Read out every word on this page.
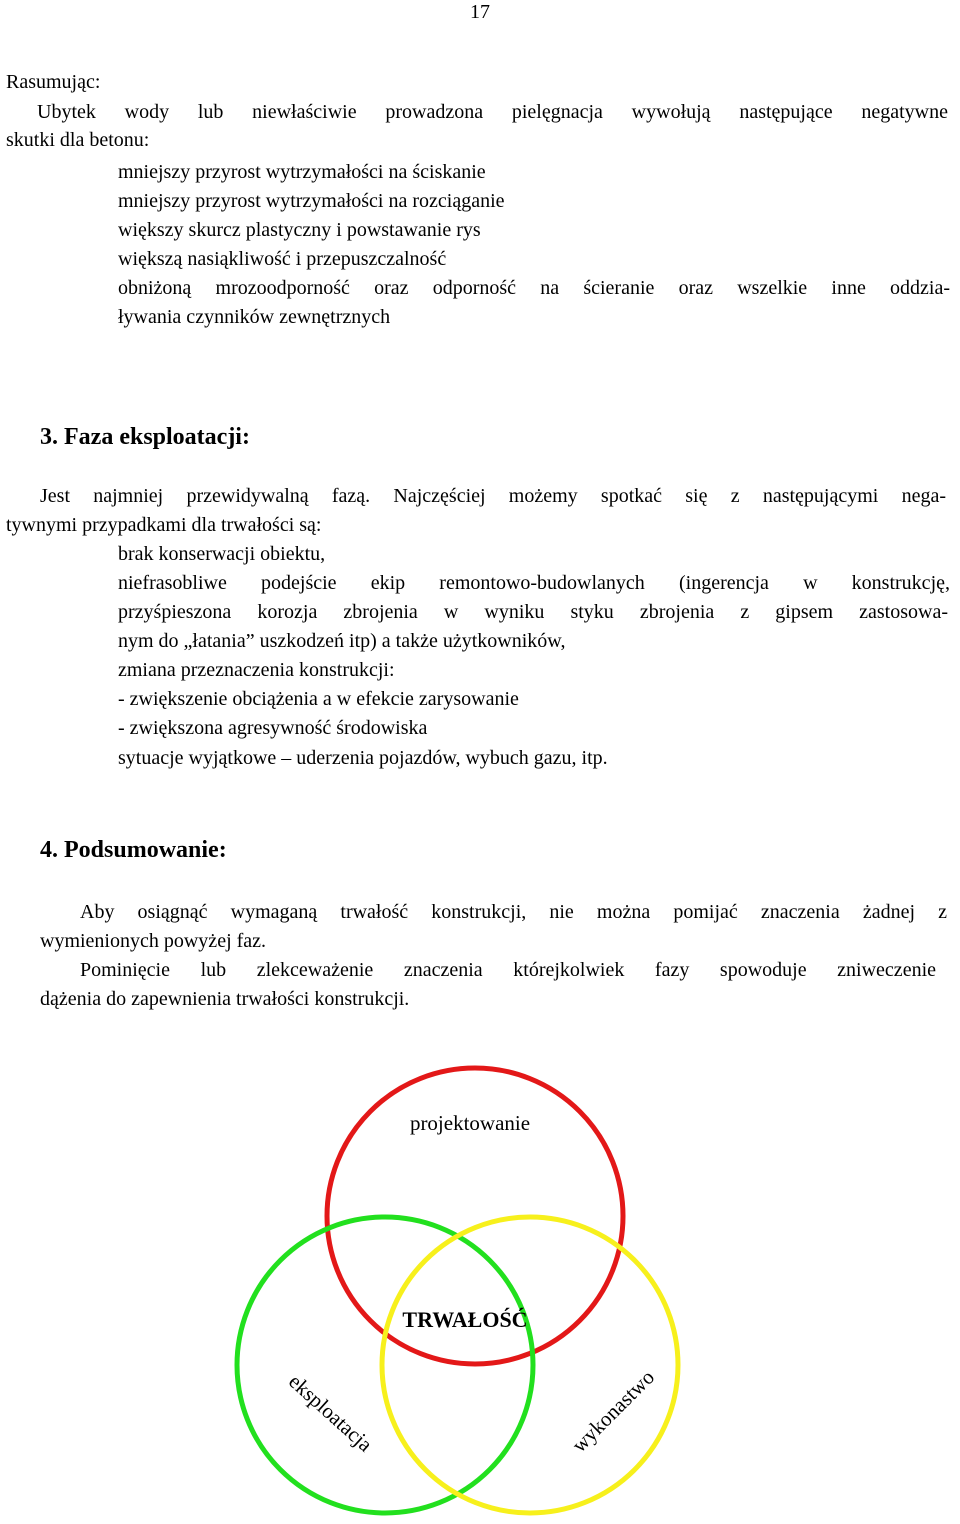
17
Rasumując:
Ubytek wody lub niewłaściwie prowadzona pielęgnacja wywołują następujące negatywne
skutki dla betonu:
mniejszy przyrost wytrzymałości na ściskanie
mniejszy przyrost wytrzymałości na rozciąganie
większy skurcz plastyczny i powstawanie rys
większą nasiąkliwość i przepuszczalność
obniżoną mrozoodporność oraz odporność na ścieranie oraz wszelkie inne oddzia-
ływania czynników zewnętrznych
3. Faza eksploatacji:
Jest najmniej przewidywalną fazą. Najczęściej możemy spotkać się z następującymi nega-
tywnymi przypadkami dla trwałości są:
brak konserwacji obiektu,
niefrasobliwe podejście ekip remontowo-budowlanych (ingerencja w konstrukcję,
przyśpieszona korozja zbrojenia w wyniku styku zbrojenia z gipsem zastosowa-
nym do „łatania” uszkodzeń itp) a także użytkowników,
zmiana przeznaczenia konstrukcji:
- zwiększenie obciążenia a w efekcie zarysowanie
- zwiększona agresywność środowiska
sytuacje wyjątkowe – uderzenia pojazdów, wybuch gazu, itp.
4. Podsumowanie:
Aby osiągnąć wymaganą trwałość konstrukcji, nie można pomijać znaczenia żadnej z
wymienionych powyżej faz.
Pominięcie lub zlekceważenie znaczenia którejkolwiek fazy spowoduje zniweczenie
dążenia do zapewnienia trwałości konstrukcji.
projektowanie
TRWAŁOŚĆ
eksploatacja	wykonastwo
